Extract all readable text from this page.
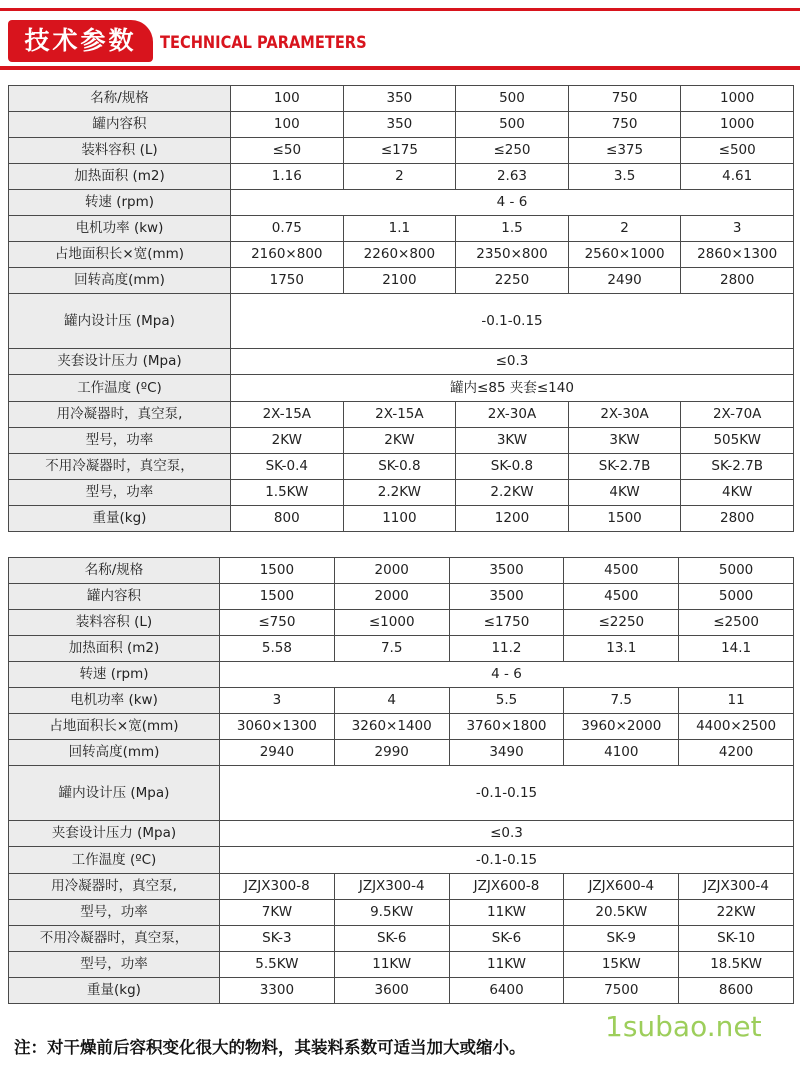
技术参数	TECHNICAL PARAMETERS
名称/规格	100	350	500	750	1000
罐内容积	100	350	500	750	1000
装料容积 (L)	≤50	≤175	≤250	≤375	≤500
加热面积 (m2)	1.16	2	2.63	3.5	4.61
转速 (rpm)	4 - 6				
电机功率 (kw)	0.75	1.1	1.5	2	3
占地面积长×宽(mm)	2160×800	2260×800	2350×800	2560×1000	2860×1300
回转高度(mm)	1750	2100	2250	2490	2800
罐内设计压 (Mpa)	-0.1-0.15				
夹套设计压力 (Mpa)	≤0.3				
工作温度 (ºC)	罐内≤85 夹套≤140				
用冷凝器时，真空泵,	2X-15A	2X-15A	2X-30A	2X-30A	2X-70A
型号，功率	2KW	2KW	3KW	3KW	505KW
不用冷凝器时，真空泵，	SK-0.4	SK-0.8	SK-0.8	SK-2.7B	SK-2.7B
型号，功率	1.5KW	2.2KW	2.2KW	4KW	4KW
重量(kg)	800	1100	1200	1500	2800
名称/规格	1500	2000	3500	4500	5000
罐内容积	1500	2000	3500	4500	5000
装料容积 (L)	≤750	≤1000	≤1750	≤2250	≤2500
加热面积 (m2)	5.58	7.5	11.2	13.1	14.1
转速 (rpm)	4 - 6				
电机功率 (kw)	3	4	5.5	7.5	11
占地面积长×宽(mm)	3060×1300	3260×1400	3760×1800	3960×2000	4400×2500
回转高度(mm)	2940	2990	3490	4100	4200
罐内设计压 (Mpa)	-0.1-0.15				
夹套设计压力 (Mpa)	≤0.3				
工作温度 (ºC)	-0.1-0.15				
用冷凝器时，真空泵,	JZJX300-8	JZJX300-4	JZJX600-8	JZJX600-4	JZJX300-4
型号，功率	7KW	9.5KW	11KW	20.5KW	22KW
不用冷凝器时，真空泵，	SK-3	SK-6	SK-6	SK-9	SK-10
型号，功率	5.5KW	11KW	11KW	15KW	18.5KW
重量(kg)	3300	3600	6400	7500	8600
注：对干燥前后容积变化很大的物料，其装料系数可适当加大或缩小。
1subao.net
